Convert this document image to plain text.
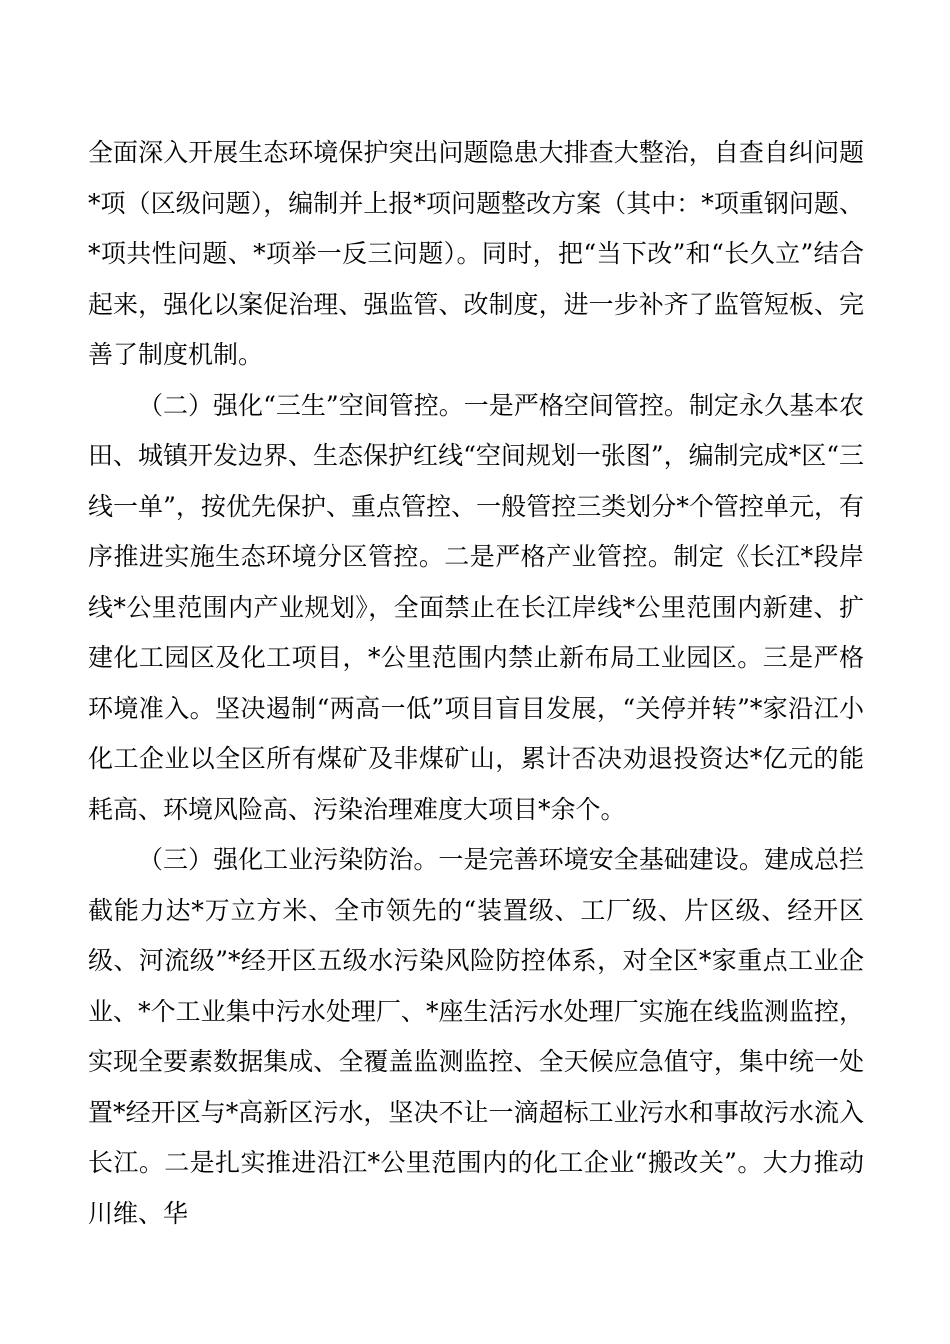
全面深入开展生态环境保护突出问题隐患大排查大整治，自查自纠问题*项（区级问题），编制并上报*项问题整改方案（其中：*项重钢问题、*项共性问题、*项举一反三问题）。同时，把“当下改”和“长久立”结合起来，强化以案促治理、强监管、改制度，进一步补齐了监管短板、完善了制度机制。

（二）强化“三生”空间管控。一是严格空间管控。制定永久基本农田、城镇开发边界、生态保护红线“空间规划一张图”，编制完成*区“三线一单”，按优先保护、重点管控、一般管控三类划分*个管控单元，有序推进实施生态环境分区管控。二是严格产业管控。制定《长江*段岸线*公里范围内产业规划》，全面禁止在长江岸线*公里范围内新建、扩建化工园区及化工项目，*公里范围内禁止新布局工业园区。三是严格环境准入。坚决遏制“两高一低”项目盲目发展，“关停并转”*家沿江小化工企业以全区所有煤矿及非煤矿山，累计否决劝退投资达*亿元的能耗高、环境风险高、污染治理难度大项目*余个。

（三）强化工业污染防治。一是完善环境安全基础建设。建成总拦截能力达*万立方米、全市领先的“装置级、工厂级、片区级、经开区级、河流级”*经开区五级水污染风险防控体系，对全区*家重点工业企业、*个工业集中污水处理厂、*座生活污水处理厂实施在线监测监控，实现全要素数据集成、全覆盖监测监控、全天候应急值守，集中统一处置*经开区与*高新区污水，坚决不让一滴超标工业污水和事故污水流入长江。二是扎实推进沿江*公里范围内的化工企业“搬改关”。大力推动川维、华
